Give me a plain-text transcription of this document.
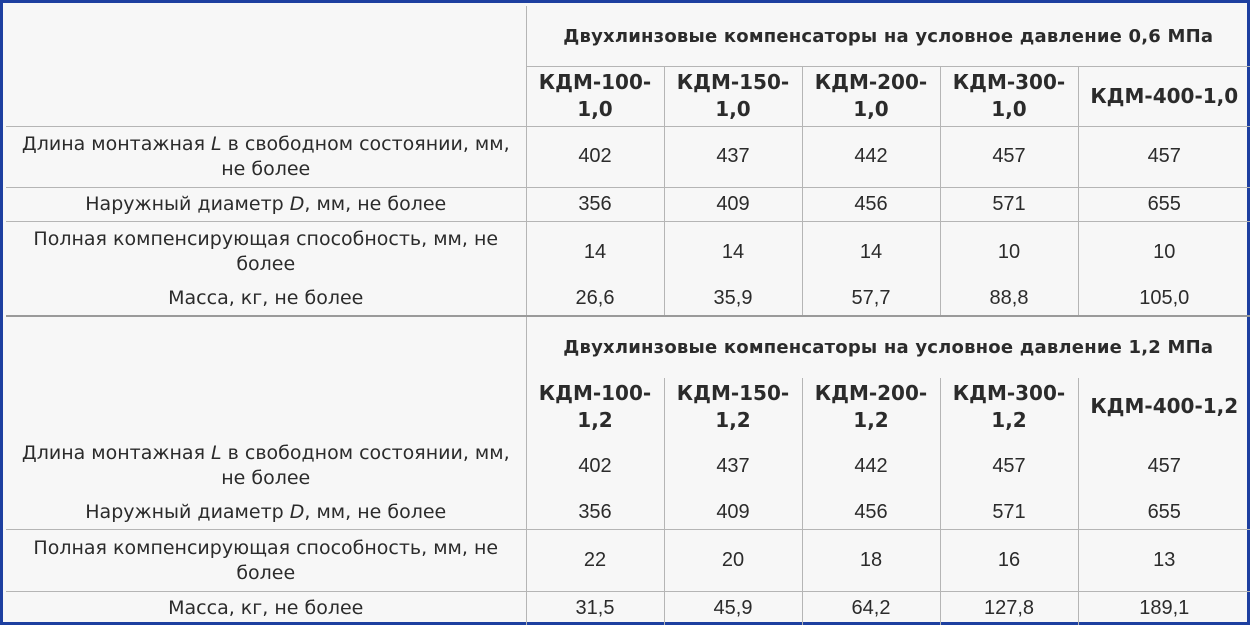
	Двухлинзовые компенсаторы на условное давление 0,6 МПа				
	КДМ-100-1,0	КДМ-150-1,0	КДМ-200-1,0	КДМ-300-1,0	КДМ-400-1,0
Длина монтажная L в свободном состоянии, мм, не более	402	437	442	457	457
Наружный диаметр D, мм, не более	356	409	456	571	655
Полная компенсирующая способность, мм, не более	14	14	14	10	10
Масса, кг, не более	26,6	35,9	57,7	88,8	105,0
	Двухлинзовые компенсаторы на условное давление 1,2 МПа				
	КДМ-100-1,2	КДМ-150-1,2	КДМ-200-1,2	КДМ-300-1,2	КДМ-400-1,2
Длина монтажная L в свободном состоянии, мм, не более	402	437	442	457	457
Наружный диаметр D, мм, не более	356	409	456	571	655
Полная компенсирующая способность, мм, не более	22	20	18	16	13
Масса, кг, не более	31,5	45,9	64,2	127,8	189,1
